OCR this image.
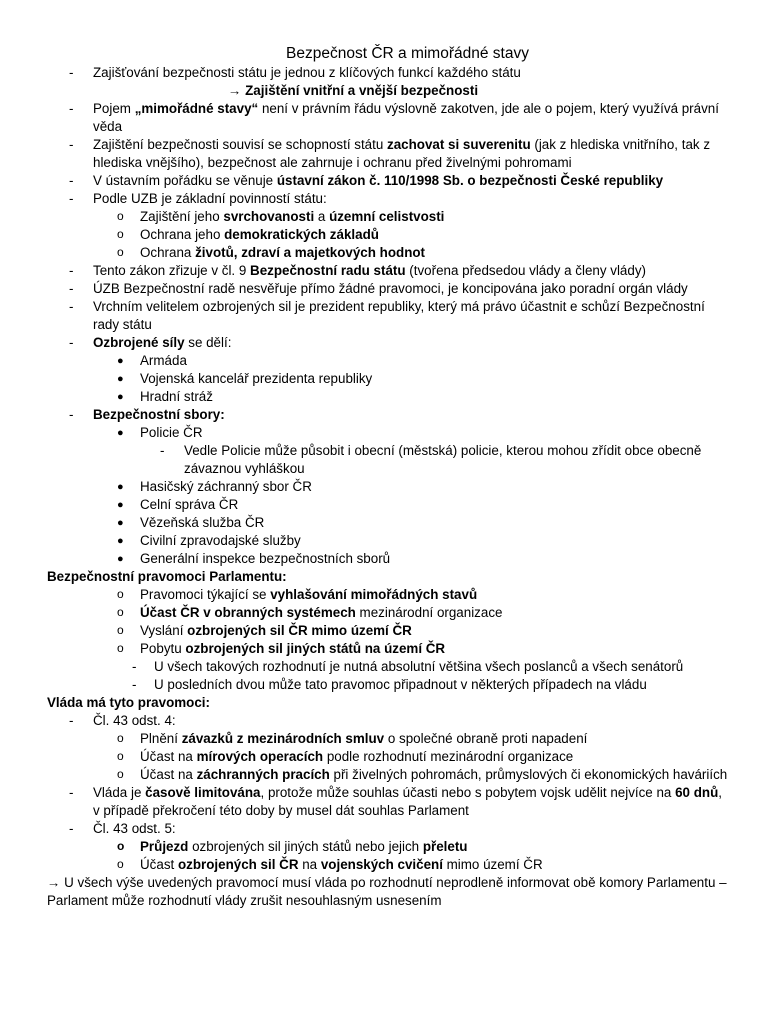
Bezpečnost ČR a mimořádné stavy
- Zajišťování bezpečnosti státu je jednou z klíčových funkcí každého státu
→ Zajištění vnitřní a vnější bezpečnosti
- Pojem „mimořádné stavy“ není v právním řádu výslovně zakotven, jde ale o pojem, který využívá právní věda
- Zajištění bezpečnosti souvisí se schopností státu zachovat si suverenitu (jak z hlediska vnitřního, tak z hlediska vnějšího), bezpečnost ale zahrnuje i ochranu před živelnými pohromami
- V ústavním pořádku se věnuje ústavní zákon č. 110/1998 Sb. o bezpečnosti České republiky
- Podle UZB je základní povinností státu:
o Zajištění jeho svrchovanosti a územní celistvosti
o Ochrana jeho demokratických základů
o Ochrana životů, zdraví a majetkových hodnot
- Tento zákon zřizuje v čl. 9 Bezpečnostní radu státu (tvořena předsedou vlády a členy vlády)
- ÚZB Bezpečnostní radě nesvěřuje přímo žádné pravomoci, je koncipována jako poradní orgán vlády
- Vrchním velitelem ozbrojených sil je prezident republiky, který má právo účastnit e schůzí Bezpečnostní rady státu
- Ozbrojené síly se dělí:
● Armáda
● Vojenská kancelář prezidenta republiky
● Hradní stráž
- Bezpečnostní sbory:
● Policie ČR
- Vedle Policie může působit i obecní (městská) policie, kterou mohou zřídit obce obecně závaznou vyhláškou
● Hasičský záchranný sbor ČR
● Celní správa ČR
● Vězeňská služba ČR
● Civilní zpravodajské služby
● Generální inspekce bezpečnostních sborů
Bezpečnostní pravomoci Parlamentu:
o Pravomoci týkající se vyhlašování mimořádných stavů
o Účast ČR v obranných systémech mezinárodní organizace
o Vyslání ozbrojených sil ČR mimo území ČR
o Pobytu ozbrojených sil jiných států na území ČR
- U všech takových rozhodnutí je nutná absolutní většina všech poslanců a všech senátorů
- U posledních dvou může tato pravomoc připadnout v některých případech na vládu
Vláda má tyto pravomoci:
- Čl. 43 odst. 4:
o Plnění závazků z mezinárodních smluv o společné obraně proti napadení
o Účast na mírových operacích podle rozhodnutí mezinárodní organizace
o Účast na záchranných pracích při živelných pohromách, průmyslových či ekonomických haváriích
- Vláda je časově limitována, protože může souhlas účasti nebo s pobytem vojsk udělit nejvíce na 60 dnů, v případě překročení této doby by musel dát souhlas Parlament
- Čl. 43 odst. 5:
o Průjezd ozbrojených sil jiných států nebo jejich přeletu
o Účast ozbrojených sil ČR na vojenských cvičení mimo území ČR
→ U všech výše uvedených pravomocí musí vláda po rozhodnutí neprodleně informovat obě komory Parlamentu – Parlament může rozhodnutí vlády zrušit nesouhlasným usnesením
